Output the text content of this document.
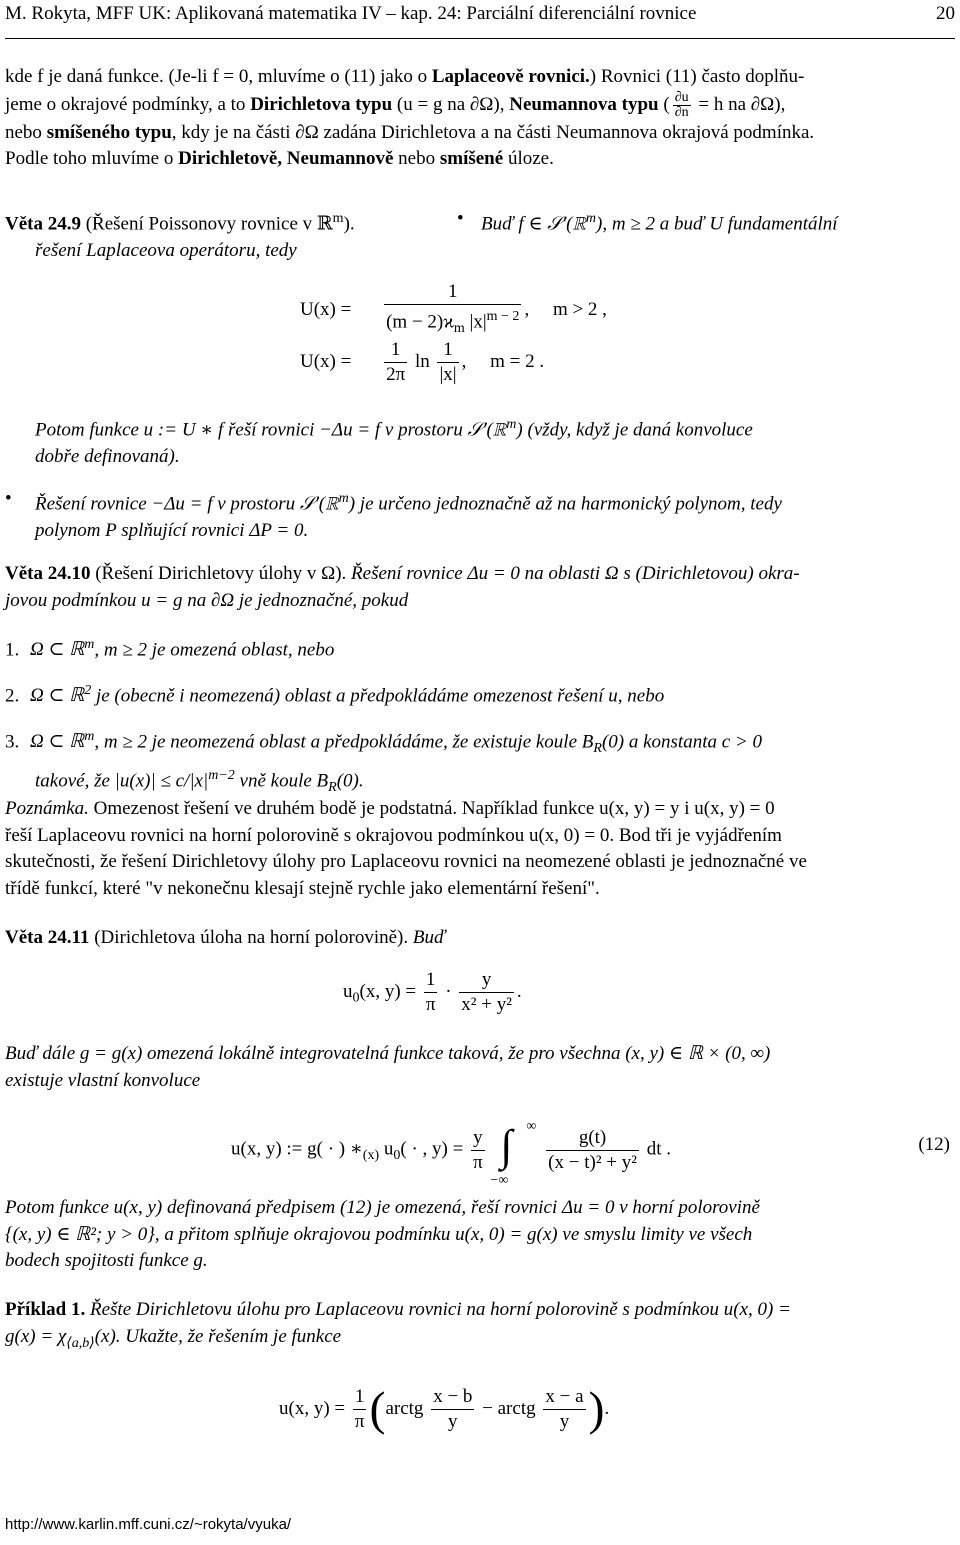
M. Rokyta, MFF UK: Aplikovaná matematika IV – kap. 24: Parciální diferenciální rovnice	20
kde f je daná funkce. (Je-li f = 0, mluvíme o (11) jako o Laplaceově rovnici.) Rovnici (11) často doplňu-
jeme o okrajové podmínky, a to Dirichletova typu (u = g na ∂Ω), Neumannova typu ( $\frac{\partial u}{\partial n} = h$ na ∂Ω),
nebo smíšeného typu, kdy je na části ∂Ω zadána Dirichletova a na části Neumannova okrajová podmínka.
Podle toho mluvíme o Dirichletově, Neumannově nebo smíšené úloze.
Věta 24.9 (Řešení Poissonovy rovnice v ℝ$^m$).	• Buď f ∈ 𝒮′(ℝ$^m$), m ≥ 2 a buď U fundamentální
řešení Laplaceova operátoru, tedy
$U(x) = \frac{1}{(m - 2)ϰ_m |x|^{m - 2}}$ ,     m > 2 ,
$U(x) = \frac{1}{2\pi}$ $\ln \frac{1}{|x|}$ ,     m = 2 .
Potom funkce u := U ∗ f řeší rovnici −Δu = f v prostoru 𝒮′(ℝ$^m$) (vždy, když je daná konvoluce
dobře definovaná).
• Řešení rovnice −Δu = f v prostoru 𝒮′(ℝ$^m$) je určeno jednoznačně až na harmonický polynom, tedy
polynom P splňující rovnici ΔP = 0.
Věta 24.10 (Řešení Dirichletovy úlohy v Ω). Řešení rovnice Δu = 0 na oblasti Ω s (Dirichletovou) okra-
jovou podmínkou u = g na ∂Ω je jednoznačné, pokud
1. Ω ⊂ ℝ$^m$, m ≥ 2 je omezená oblast, nebo
2. Ω ⊂ ℝ$^2$ je (obecně i neomezená) oblast a předpokládáme omezenost řešení u, nebo
3. Ω ⊂ ℝ$^m$, m ≥ 2 je neomezená oblast a předpokládáme, že existuje koule $B_R(0)$ a konstanta c > 0
takové, že $|u(x)| \le c/|x|^{m-2}$ vně koule $B_R(0)$.
Poznámka. Omezenost řešení ve druhém bodě je podstatná. Například funkce u(x, y) = y i u(x, y) = 0
řeší Laplaceovu rovnici na horní polorovině s okrajovou podmínkou u(x, 0) = 0. Bod tři je vyjádřením
skutečnosti, že řešení Dirichletovy úlohy pro Laplaceovu rovnici na neomezené oblasti je jednoznačné ve
třídě funkcí, které "v nekonečnu klesají stejně rychle jako elementární řešení".
Věta 24.11 (Dirichletova úloha na horní polorovině). Buď
$u_0(x$, $y) = \frac{1}{\pi} \cdot \frac{y}{\text{x² + y²}}$ .
Buď dále g = g(x) omezená lokálně integrovatelná funkce taková, že pro všechna (x, y) ∈ ℝ × (0, ∞)
existuje vlastní konvoluce
u(x, y) := g( · ) $∗_{(x)}$ $u_0$( · , $y) = \frac{y}{\pi}$
∫ ∞
−∞

$\frac{g(t)}{\text{(x − t)² + y²}}$ dt .	(12)
Potom funkce u(x, y) definovaná předpisem (12) je omezená, řeší rovnici Δu = 0 v horní polorovině
{(x, y) ∈ ℝ²; y > 0}, a přitom splňuje okrajovou podmínku u(x, 0) = g(x) ve smyslu limity ve všech
bodech spojitosti funkce g.
Příklad 1. Řešte Dirichletovu úlohu pro Laplaceovu rovnici na horní polorovině s podmínkou u(x, 0) =
$g(x) = \chi_{⟨a,b⟩}(x)$. Ukažte, že řešením je funkce
u(x, $y) = \frac{1}{\pi}$ (arctg $\frac{x - b}{y}$ − arctg $\frac{x - a}{y}$ ).
http://www.karlin.mff.cuni.cz/~rokyta/vyuka/
